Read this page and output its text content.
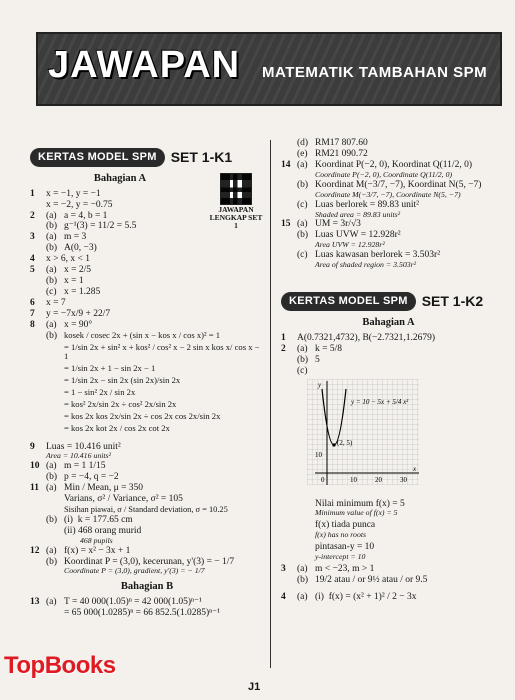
JAWAPAN MATEMATIK TAMBAHAN SPM
KERTAS MODEL SPM	SET 1-K1
JAWAPAN LENGKAP SET 1
Bahagian A
1	x = −1, y = −1
x = −2, y = −0.75
2	(a) a = 4, b = 1
(b) g⁻¹(3) = 11/2 = 5.5
3	(a) m = 3
(b) A(0, −3)
4	x > 6, x < 1
5	(a) x = 2/5
(b) x = 1
(c) x = 1.285
6	x = 7
7	y = −7x/9 + 22/7
8	(a) x = 90°
(b) kosek / cosec 2x + (sin x − kos x / cos x)² = 1
= 1/sin 2x + sin² x + kos² / cos² x − 2 sin x kos x/ cos x − 1
= 1/sin 2x + 1 − sin 2x − 1
= 1/sin 2x − sin 2x (sin 2x)/sin 2x
= 1 − sin² 2x / sin 2x
= kos² 2x/sin 2x ÷ cos² 2x/sin 2x
= kos 2x kos 2x/sin 2x ÷ cos 2x cos 2x/sin 2x
= kos 2x kot 2x / cos 2x cot 2x
9	Luas = 10.416 unit²
Area = 10.416 units²
10 (a) m = 1 1/15
(b) p = −4, q = −2
11 (a) Min / Mean, μ = 350
Varians, σ² / Variance, σ² = 105
Sisihan piawai, σ / Standard deviation, σ = 10.25
(b) (i)  k = 177.65 cm
(ii) 468 orang murid
468 pupils
12 (a) f(x) = x² − 3x + 1
(b) Koordinat P = (3,0), kecerunan, y'(3) = − 1/7
Coordinate P = (3,0), gradient, y'(3) = − 1/7
Bahagian B
13 (a) T = 40 000(1.05)ⁿ = 42 000(1.05)ⁿ⁻¹
= 65 000(1.0285)ⁿ = 66 852.5(1.0285)ⁿ⁻¹
(d) RM17 807.60
(e) RM21 090.72
14 (a) Koordinat P(−2, 0), Koordinat Q(11/2, 0)
Coordinate P(−2, 0), Coordinate Q(11/2, 0)
(b) Koordinat M(−3/7, −7), Koordinat N(5, −7)
Coordinate M(−3/7, −7), Coordinate N(5, −7)
(c) Luas berlorek = 89.83 unit²
Shaded area = 89.83 units²
15 (a) UM = 3r/√3
(b) Luas UVW = 12.928r²
Area UVW = 12.928r²
(c) Luas kawasan berlorek = 3.503r²
Area of shaded region = 3.503r²
KERTAS MODEL SPM	SET 1-K2
Bahagian A
1	A(0.7321,4732), B(−2.7321,1.2679)
2	(a) k = 5/8
(b) 5
(c)
y
x
10
0	10	20	30
(2, 5)
y = 10 − 5x + 5/4 x²
Nilai minimum f(x) = 5
Minimum value of f(x) = 5
f(x) tiada punca
f(x) has no roots
pintasan-y = 10
y-intercept = 10
3	(a) m < −23, m > 1
(b) 19/2 atau / or 9½ atau / or 9.5
4	(a) (i)  f(x) = (x² + 1)² / 2 − 3x
TopBooks
J1
